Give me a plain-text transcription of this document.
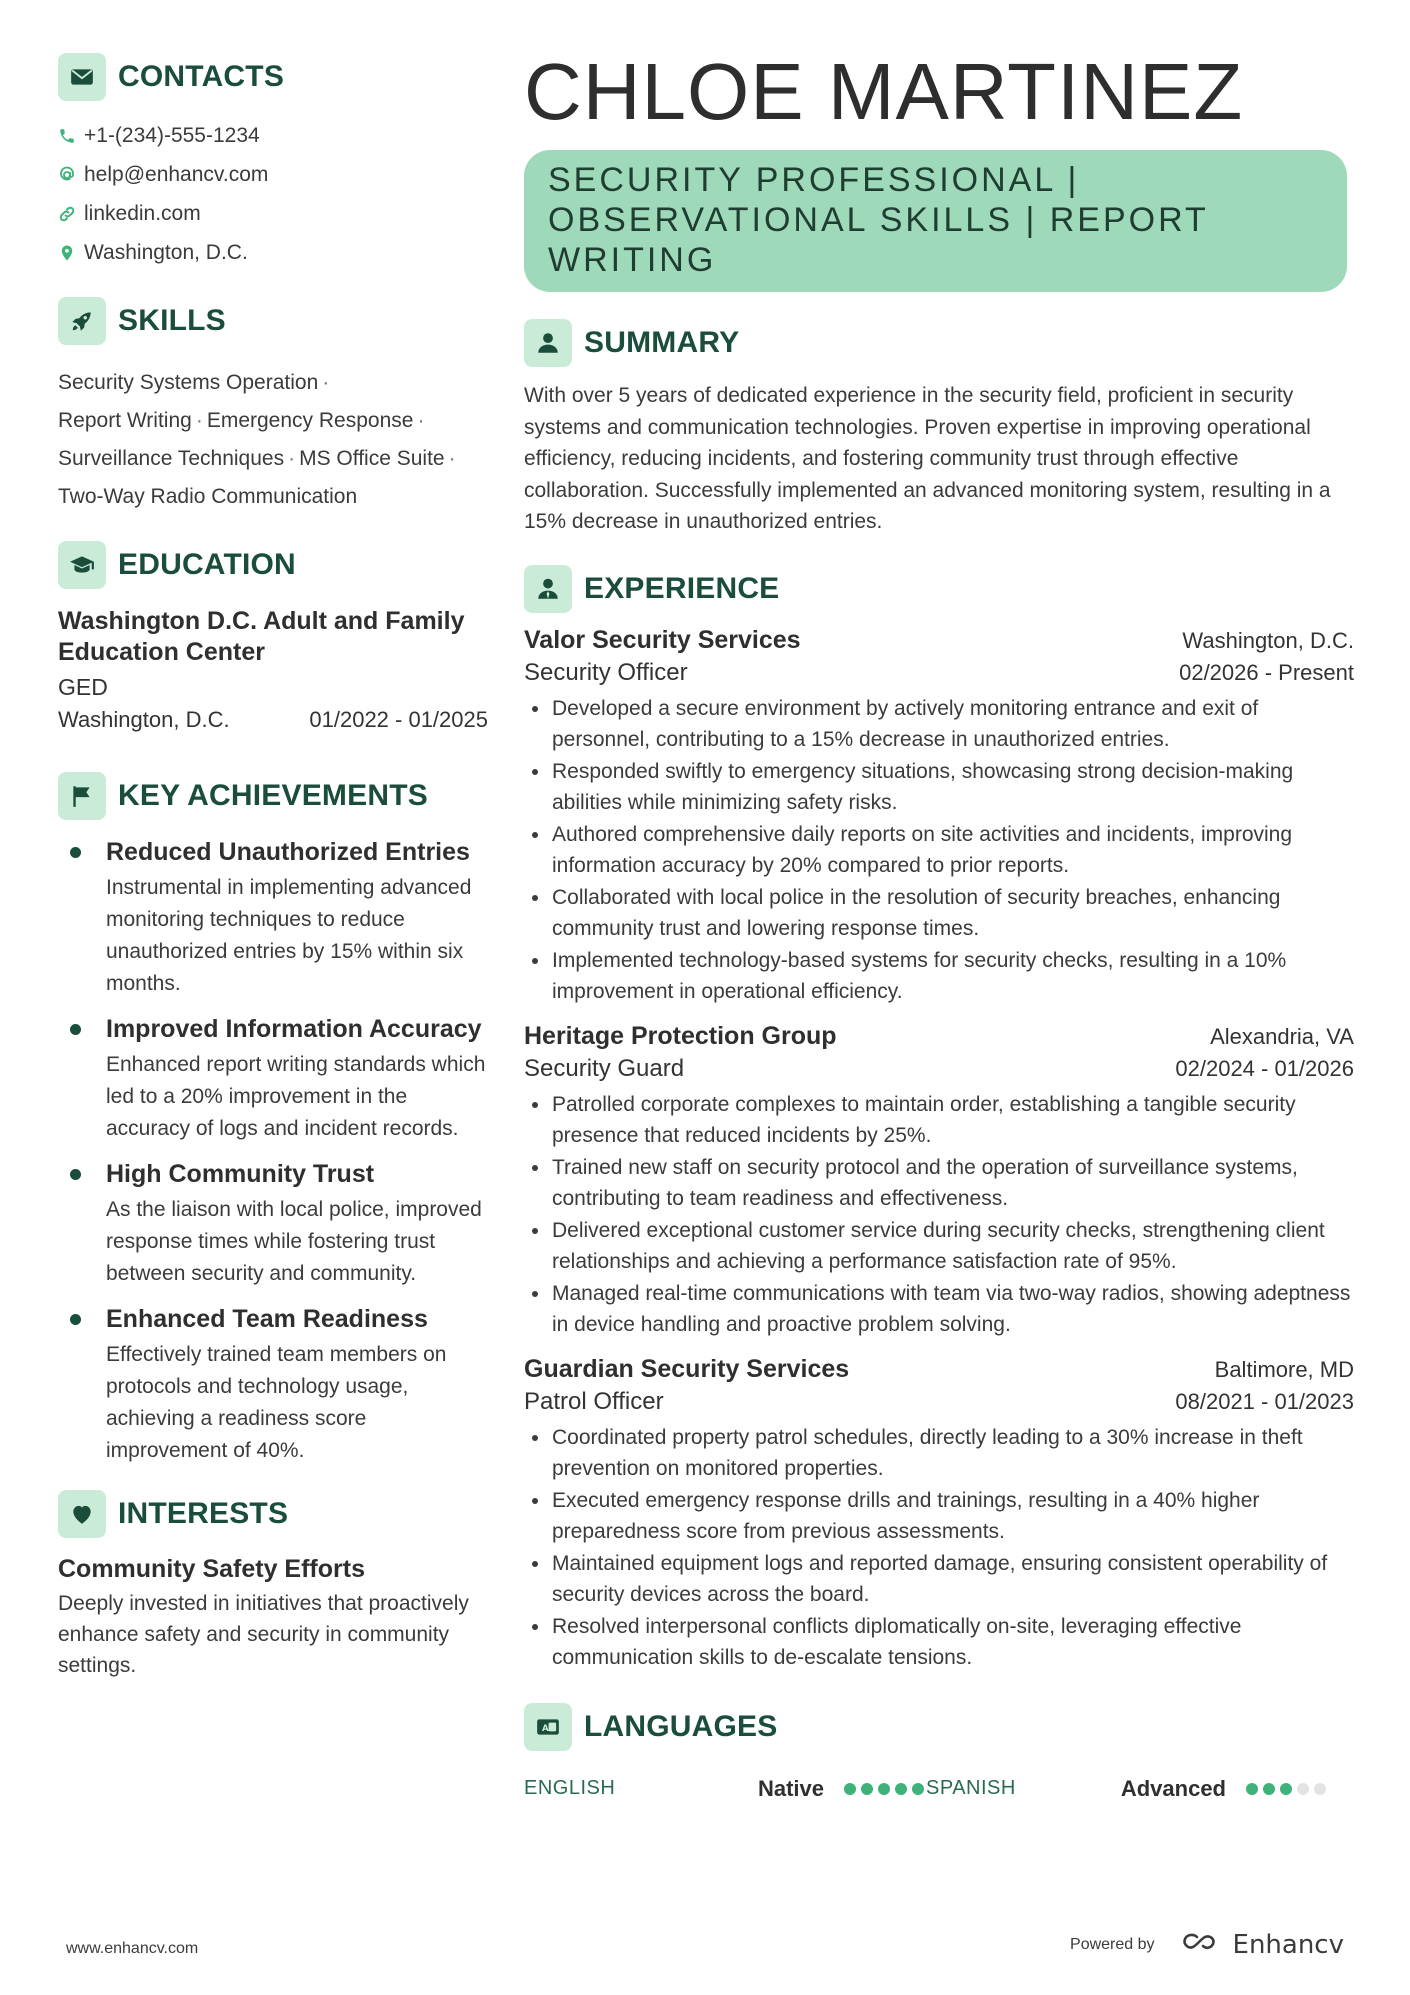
CONTACTS
+1-(234)-555-1234
help@enhancv.com
linkedin.com
Washington, D.C.
SKILLS
Security Systems Operation ·
Report Writing · Emergency Response ·
Surveillance Techniques · MS Office Suite ·
Two-Way Radio Communication
EDUCATION
Washington D.C. Adult and Family Education Center
GED
Washington, D.C.	01/2022 - 01/2025
KEY ACHIEVEMENTS
Reduced Unauthorized Entries
Instrumental in implementing advanced monitoring techniques to reduce unauthorized entries by 15% within six months.
Improved Information Accuracy
Enhanced report writing standards which led to a 20% improvement in the accuracy of logs and incident records.
High Community Trust
As the liaison with local police, improved response times while fostering trust between security and community.
Enhanced Team Readiness
Effectively trained team members on protocols and technology usage, achieving a readiness score improvement of 40%.
INTERESTS
Community Safety Efforts
Deeply invested in initiatives that proactively enhance safety and security in community settings.
CHLOE MARTINEZ
SECURITY PROFESSIONAL | OBSERVATIONAL SKILLS | REPORT WRITING
SUMMARY
With over 5 years of dedicated experience in the security field, proficient in security systems and communication technologies. Proven expertise in improving operational efficiency, reducing incidents, and fostering community trust through effective collaboration. Successfully implemented an advanced monitoring system, resulting in a 15% decrease in unauthorized entries.
EXPERIENCE
Valor Security Services	Washington, D.C.
Security Officer	02/2026 - Present
Developed a secure environment by actively monitoring entrance and exit of personnel, contributing to a 15% decrease in unauthorized entries.
Responded swiftly to emergency situations, showcasing strong decision-making abilities while minimizing safety risks.
Authored comprehensive daily reports on site activities and incidents, improving information accuracy by 20% compared to prior reports.
Collaborated with local police in the resolution of security breaches, enhancing community trust and lowering response times.
Implemented technology-based systems for security checks, resulting in a 10% improvement in operational efficiency.
Heritage Protection Group	Alexandria, VA
Security Guard	02/2024 - 01/2026
Patrolled corporate complexes to maintain order, establishing a tangible security presence that reduced incidents by 25%.
Trained new staff on security protocol and the operation of surveillance systems, contributing to team readiness and effectiveness.
Delivered exceptional customer service during security checks, strengthening client relationships and achieving a performance satisfaction rate of 95%.
Managed real-time communications with team via two-way radios, showing adeptness in device handling and proactive problem solving.
Guardian Security Services	Baltimore, MD
Patrol Officer	08/2021 - 01/2023
Coordinated property patrol schedules, directly leading to a 30% increase in theft prevention on monitored properties.
Executed emergency response drills and trainings, resulting in a 40% higher preparedness score from previous assessments.
Maintained equipment logs and reported damage, ensuring consistent operability of security devices across the board.
Resolved interpersonal conflicts diplomatically on-site, leveraging effective communication skills to de-escalate tensions.
A LANGUAGES
ENGLISH	Native	SPANISH	Advanced
www.enhancv.com	Powered by	Enhancv
